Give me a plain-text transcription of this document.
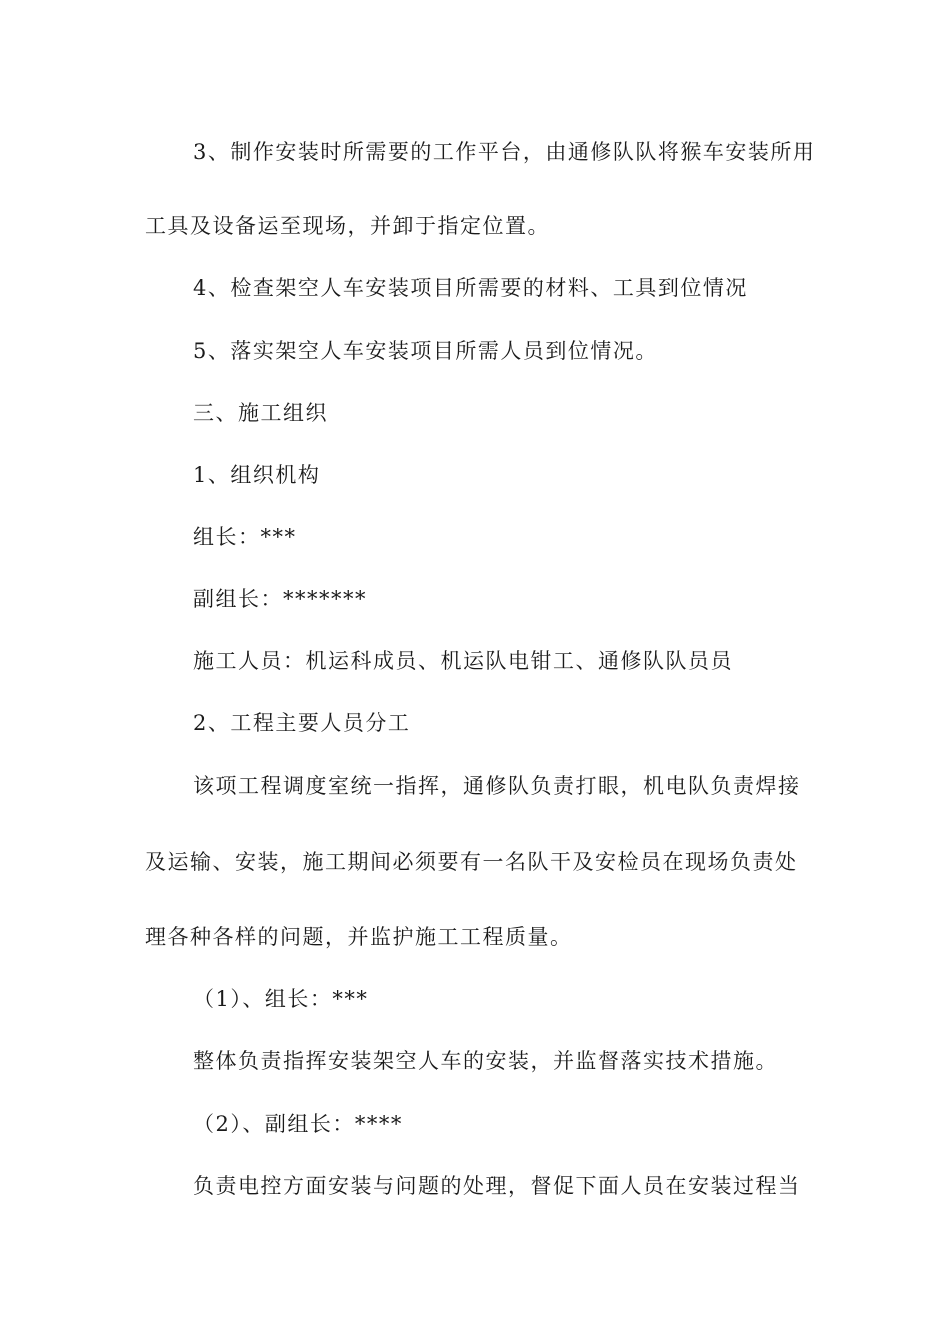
3、制作安装时所需要的工作平台，由通修队队将猴车安装所用
工具及设备运至现场，并卸于指定位置。
4、检查架空人车安装项目所需要的材料、工具到位情况
5、落实架空人车安装项目所需人员到位情况。
三、施工组织
1、组织机构
组长：***
副组长：*******
施工人员：机运科成员、机运队电钳工、通修队队员员
2、工程主要人员分工
该项工程调度室统一指挥，通修队负责打眼，机电队负责焊接
及运输、安装，施工期间必须要有一名队干及安检员在现场负责处
理各种各样的问题，并监护施工工程质量。
（1）、组长：***
整体负责指挥安装架空人车的安装，并监督落实技术措施。
（2）、副组长：****
负责电控方面安装与问题的处理，督促下面人员在安装过程当
